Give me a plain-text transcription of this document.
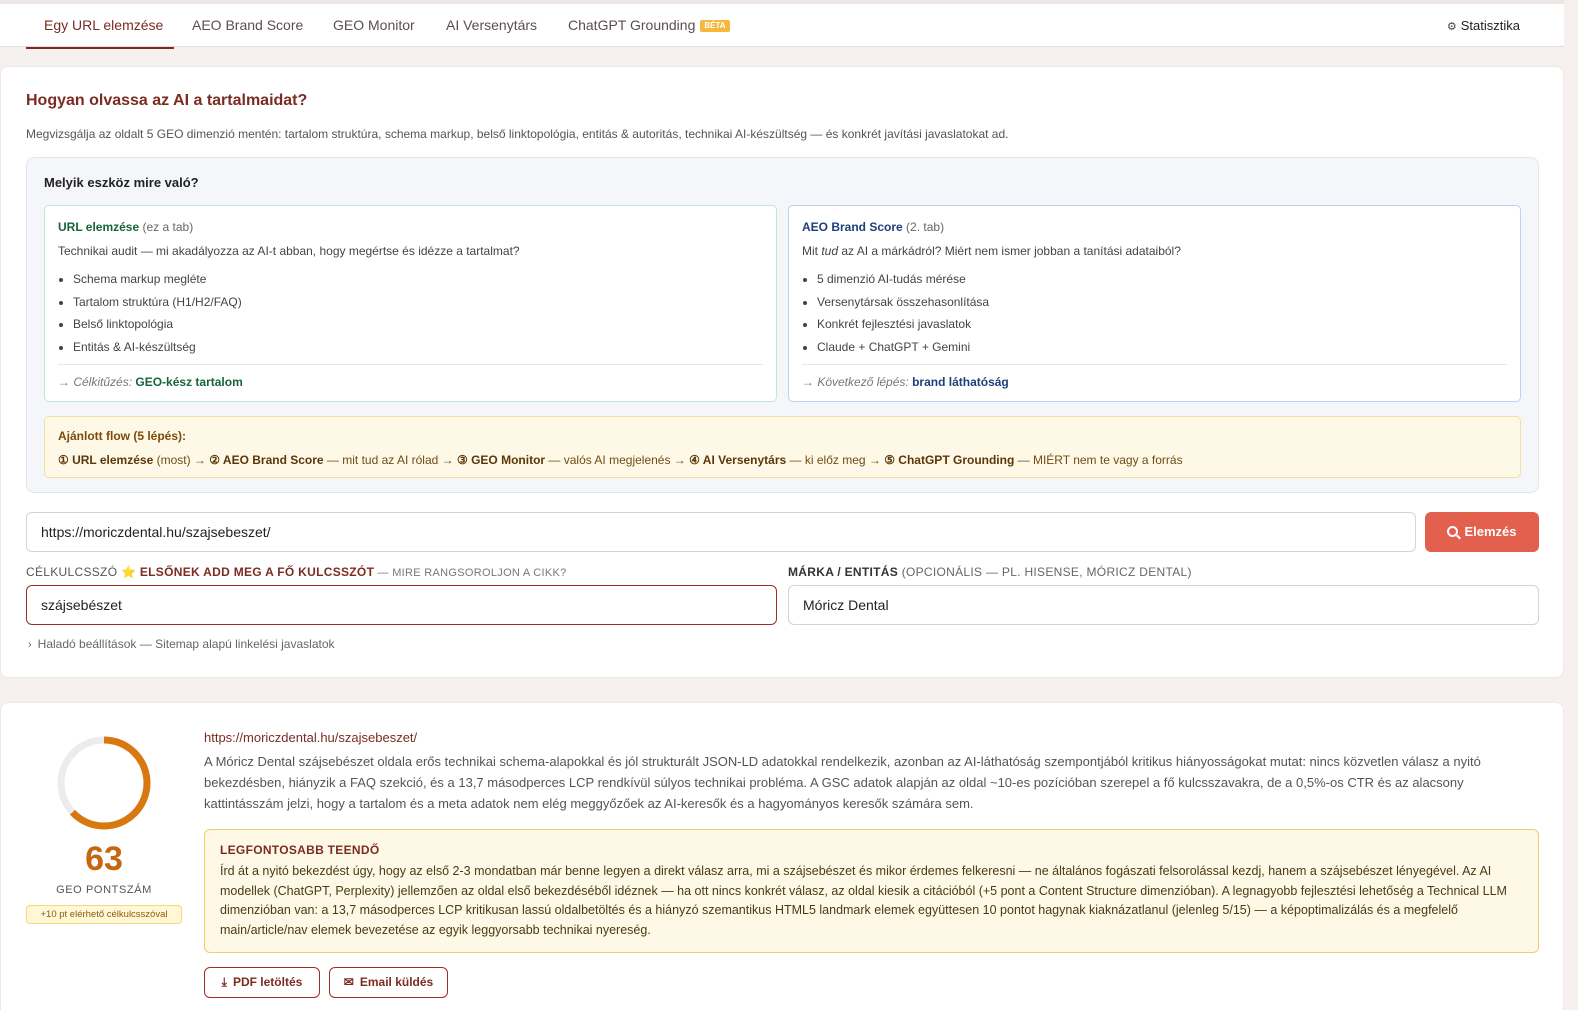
Egy URL elemzése AEO Brand Score GEO Monitor AI Versenytárs ChatGPT Grounding BÉTA	⚙ Statisztika
Hogyan olvassa az AI a tartalmaidat?
Megvizsgálja az oldalt 5 GEO dimenzió mentén: tartalom struktúra, schema markup, belső linktopológia, entitás & autoritás, technikai AI-készültség — és konkrét javítási javaslatokat ad.
Melyik eszköz mire való?
URL elemzése (ez a tab)
Technikai audit — mi akadályozza az AI-t abban, hogy megértse és idézze a tartalmat?
• Schema markup megléte
• Tartalom struktúra (H1/H2/FAQ)
• Belső linktopológia
• Entitás & AI-készültség
→ Célkitűzés: GEO-kész tartalom
AEO Brand Score (2. tab)
Mit tud az AI a márkádról? Miért nem ismer jobban a tanítási adataiból?
• 5 dimenzió AI-tudás mérése
• Versenytársak összehasonlítása
• Konkrét fejlesztési javaslatok
• Claude + ChatGPT + Gemini
→ Következő lépés: brand láthatóság
Ajánlott flow (5 lépés):
① URL elemzése (most) → ② AEO Brand Score — mit tud az AI rólad → ③ GEO Monitor — valós AI megjelenés → ④ AI Versenytárs — ki előz meg → ⑤ ChatGPT Grounding — MIÉRT nem te vagy a forrás
https://moriczdental.hu/szajsebeszet/	Elemzés
CÉLKULCSSZÓ ⭐ ELSŐNEK ADD MEG A FŐ KULCSSZÓT — MIRE RANGSOROLJON A CIKK?	MÁRKA / ENTITÁS (OPCIONÁLIS — PL. HISENSE, MÓRICZ DENTAL)
szájsebészet	Móricz Dental
› Haladó beállítások — Sitemap alapú linkelési javaslatok
63
GEO PONTSZÁM
+10 pt elérhető célkulcsszóval
https://moriczdental.hu/szajsebeszet/
A Móricz Dental szájsebészet oldala erős technikai schema-alapokkal és jól strukturált JSON-LD adatokkal rendelkezik, azonban az AI-láthatóság szempontjából kritikus hiányosságokat mutat: nincs közvetlen válasz a nyitó bekezdésben, hiányzik a FAQ szekció, és a 13,7 másodperces LCP rendkívül súlyos technikai probléma. A GSC adatok alapján az oldal ~10-es pozícióban szerepel a fő kulcsszavakra, de a 0,5%-os CTR és az alacsony kattintásszám jelzi, hogy a tartalom és a meta adatok nem elég meggyőzőek az AI-keresők és a hagyományos keresők számára sem.
LEGFONTOSABB TEENDŐ
Írd át a nyitó bekezdést úgy, hogy az első 2-3 mondatban már benne legyen a direkt válasz arra, mi a szájsebészet és mikor érdemes felkeresni — ne általános fogászati felsorolással kezdj, hanem a szájsebészet lényegével. Az AI modellek (ChatGPT, Perplexity) jellemzően az oldal első bekezdéséből idéznek — ha ott nincs konkrét válasz, az oldal kiesik a citációból (+5 pont a Content Structure dimenzióban). A legnagyobb fejlesztési lehetőség a Technical LLM dimenzióban van: a 13,7 másodperces LCP kritikusan lassú oldalbetöltés és a hiányzó szemantikus HTML5 landmark elemek együttesen 10 pontot hagynak kiaknázatlanul (jelenleg 5/15) — a képoptimalizálás és a megfelelő main/article/nav elemek bevezetése az egyik leggyorsabb technikai nyereség.
⤓ PDF letöltés	✉ Email küldés
